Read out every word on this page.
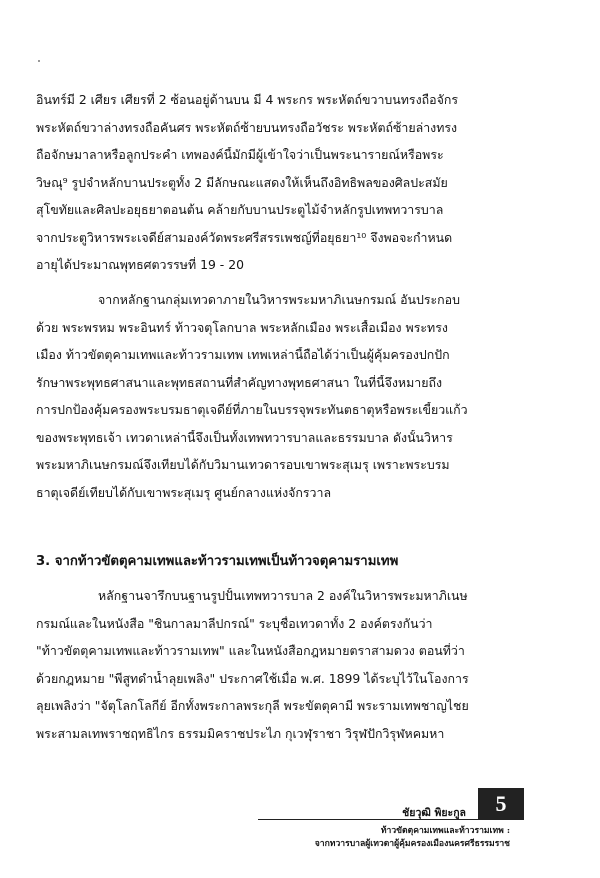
อินทร์มี 2 เศียร เศียรที่ 2 ซ้อนอยู่ด้านบน มี 4 พระกร พระหัตถ์ขวาบนทรงถือจักร
พระหัตถ์ขวาล่างทรงถือคันศร พระหัตถ์ซ้ายบนทรงถือวัชระ พระหัตถ์ซ้ายล่างทรง
ถือจักษมาลาหรือลูกประคำ เทพองค์นี้มักมีผู้เข้าใจว่าเป็นพระนารายณ์หรือพระ
วิษณุ⁹ รูปจำหลักบานประตูทั้ง 2 มีลักษณะแสดงให้เห็นถึงอิทธิพลของศิลปะสมัย
สุโขทัยและศิลปะอยุธยาตอนต้น คล้ายกับบานประตูไม้จำหลักรูปเทพทวารบาล
จากประตูวิหารพระเจดีย์สามองค์วัดพระศรีสรรเพชญ์ที่อยุธยา¹⁰ จึงพอจะกำหนด
อายุได้ประมาณพุทธศตวรรษที่ 19 - 20
จากหลักฐานกลุ่มเทวดาภายในวิหารพระมหาภิเนษกรมณ์ อันประกอบ
ด้วย พระพรหม พระอินทร์ ท้าวจตุโลกบาล พระหลักเมือง พระเสื้อเมือง พระทรง
เมือง ท้าวขัตตุคามเทพและท้าวรามเทพ เทพเหล่านี้ถือได้ว่าเป็นผู้คุ้มครองปกปัก
รักษาพระพุทธศาสนาและพุทธสถานที่สำคัญทางพุทธศาสนา ในที่นี้จึงหมายถึง
การปกป้องคุ้มครองพระบรมธาตุเจดีย์ที่ภายในบรรจุพระทันตธาตุหรือพระเขี้ยวแก้ว
ของพระพุทธเจ้า เทวดาเหล่านี้จึงเป็นทั้งเทพทวารบาลและธรรมบาล ดังนั้นวิหาร
พระมหาภิเนษกรมณ์จึงเทียบได้กับวิมานเทวดารอบเขาพระสุเมรุ เพราะพระบรม
ธาตุเจดีย์เทียบได้กับเขาพระสุเมรุ ศูนย์กลางแห่งจักรวาล
3. จากท้าวขัตตุคามเทพและท้าวรามเทพเป็นท้าวจตุคามรามเทพ
หลักฐานจารึกบนฐานรูปปั้นเทพทวารบาล 2 องค์ในวิหารพระมหาภิเนษ
กรมณ์และในหนังสือ "ชินกาลมาลีปกรณ์" ระบุชื่อเทวดาทั้ง 2 องค์ตรงกันว่า
"ท้าวขัตตุคามเทพและท้าวรามเทพ" และในหนังสือกฎหมายตราสามดวง ตอนที่ว่า
ด้วยกฎหมาย "พีสูทดำน้ำลุยเพลิง" ประกาศใช้เมื่อ พ.ศ. 1899 ได้ระบุไว้ในโองการ
ลุยเพลิงว่า "จัตุโลกโลกีย์ อีกทั้งพระกาลพระกุลี พระขัตตุคามี พระรามเทพชาญไชย
พระสามลเทพราชฤทธิไกร ธรรมมิคราชประไภ กุเวฬุราชา วิรุฬปักวิรุฬหคมหา
ชัยวุฒิ พิยะกูล	5
ท้าวขัตตุคามเทพและท้าวรามเทพ :
จากทวารบาลผู้เทวดาผู้คุ้มครองเมืองนครศรีธรรมราช
